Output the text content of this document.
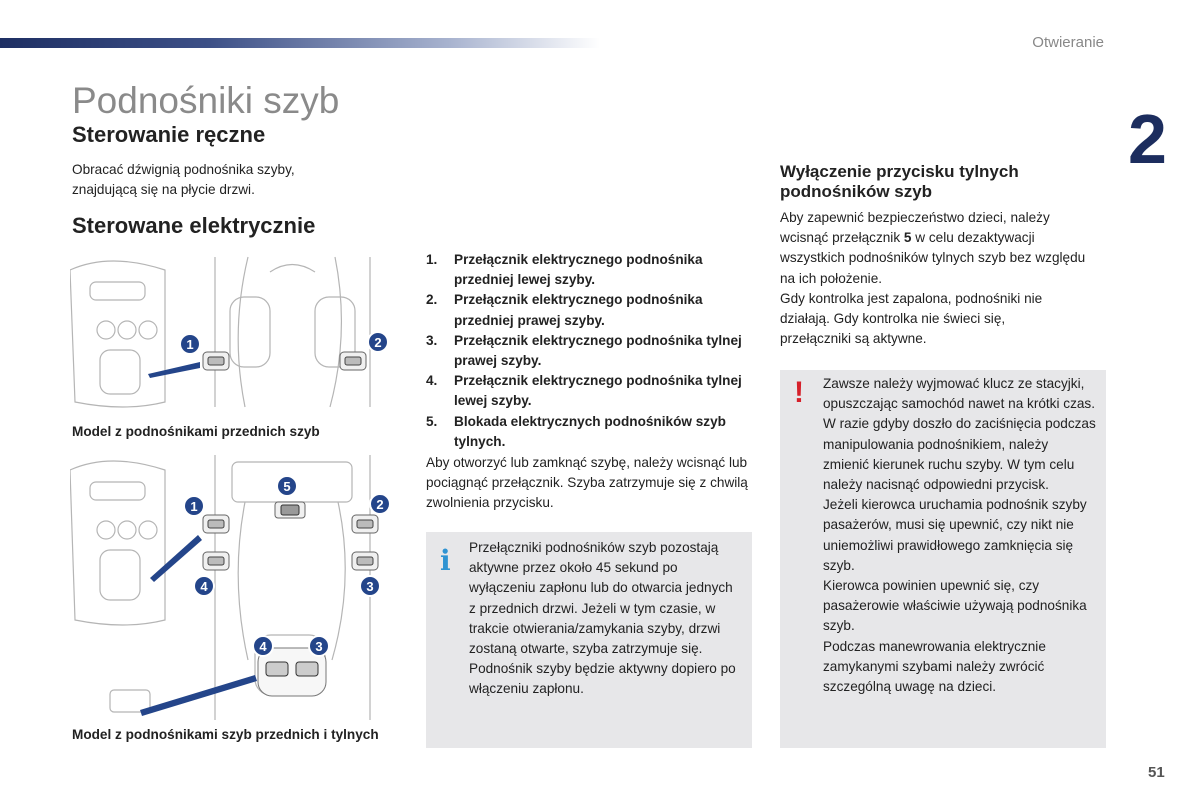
Otwieranie
2
51
Podnośniki szyb
Sterowanie ręczne

Obracać dźwignią podnośnika szyby, znajdującą się na płycie drzwi.

Sterowane elektrycznie
1	2
Model z podnośnikami przednich szyb
1	2
5
4	3
4	3
Model z podnośnikami szyb przednich i tylnych
1.	Przełącznik elektrycznego podnośnika przedniej lewej szyby.
2.	Przełącznik elektrycznego podnośnika przedniej prawej szyby.
3.	Przełącznik elektrycznego podnośnika tylnej prawej szyby.
4.	Przełącznik elektrycznego podnośnika tylnej lewej szyby.
5.	Blokada elektrycznych podnośników szyb tylnych.

Aby otworzyć lub zamknąć szybę, należy wcisnąć lub pociągnąć przełącznik. Szyba zatrzymuje się z chwilą zwolnienia przycisku.

i Przełączniki podnośników szyb pozostają aktywne przez około 45 sekund po wyłączeniu zapłonu lub do otwarcia jednych z przednich drzwi. Jeżeli w tym czasie, w trakcie otwierania/zamykania szyby, drzwi zostaną otwarte, szyba zatrzymuje się. Podnośnik szyby będzie aktywny dopiero po włączeniu zapłonu.
Wyłączenie przycisku tylnych podnośników szyb

Aby zapewnić bezpieczeństwo dzieci, należy wcisnąć przełącznik 5 w celu dezaktywacji wszystkich podnośników tylnych szyb bez względu na ich położenie.

Gdy kontrolka jest zapalona, podnośniki nie działają. Gdy kontrolka nie świeci się, przełączniki są aktywne.

! Zawsze należy wyjmować klucz ze stacyjki, opuszczając samochód nawet na krótki czas.
W razie gdyby doszło do zaciśnięcia podczas manipulowania podnośnikiem, należy zmienić kierunek ruchu szyby. W tym celu należy nacisnąć odpowiedni przycisk.
Jeżeli kierowca uruchamia podnośnik szyby pasażerów, musi się upewnić, czy nikt nie uniemożliwi prawidłowego zamknięcia się szyb.
Kierowca powinien upewnić się, czy pasażerowie właściwie używają podnośnika szyb.
Podczas manewrowania elektrycznie zamykanymi szybami należy zwrócić szczególną uwagę na dzieci.
